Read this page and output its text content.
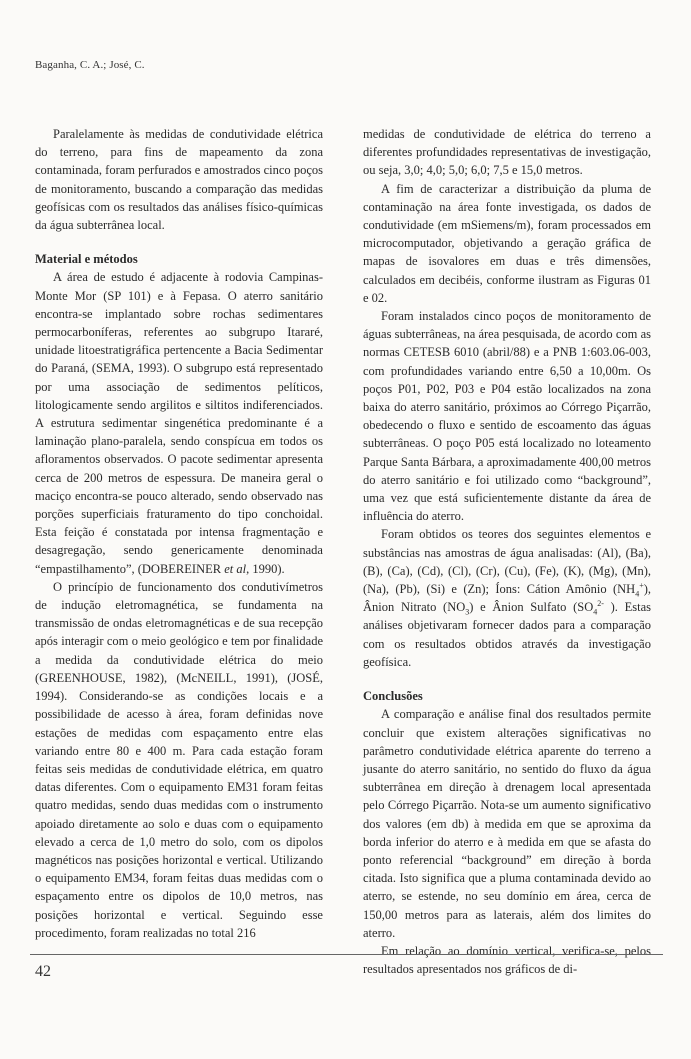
Baganha, C. A.; José, C.

Paralelamente às medidas de condutividade elétrica do terreno, para fins de mapeamento da zona contaminada, foram perfurados e amostrados cinco poços de monitoramento, buscando a comparação das medidas geofísicas com os resultados das análises físico-químicas da água subterrânea local.

Material e métodos

A área de estudo é adjacente à rodovia Campinas-Monte Mor (SP 101) e à Fepasa. O aterro sanitário encontra-se implantado sobre rochas sedimentares permocarboníferas, referentes ao subgrupo Itararé, unidade litoestratigráfica pertencente a Bacia Sedimentar do Paraná, (SEMA, 1993). O subgrupo está representado por uma associação de sedimentos pelíticos, litologicamente sendo argilitos e siltitos indiferenciados. A estrutura sedimentar singenética predominante é a laminação plano-paralela, sendo conspícua em todos os afloramentos observados. O pacote sedimentar apresenta cerca de 200 metros de espessura. De maneira geral o maciço encontra-se pouco alterado, sendo observado nas porções superficiais fraturamento do tipo conchoidal. Esta feição é constatada por intensa fragmentação e desagregação, sendo genericamente denominada “empastilhamento”, (DOBEREINER et al, 1990).

O princípio de funcionamento dos condutivímetros de indução eletromagnética, se fundamenta na transmissão de ondas eletromagnéticas e de sua recepção após interagir com o meio geológico e tem por finalidade a medida da condutividade elétrica do meio (GREENHOUSE, 1982), (McNEILL, 1991), (JOSÉ, 1994). Considerando-se as condições locais e a possibilidade de acesso à área, foram definidas nove estações de medidas com espaçamento entre elas variando entre 80 e 400 m. Para cada estação foram feitas seis medidas de condutividade elétrica, em quatro datas diferentes. Com o equipamento EM31 foram feitas quatro medidas, sendo duas medidas com o instrumento apoiado diretamente ao solo e duas com o equipamento elevado a cerca de 1,0 metro do solo, com os dipolos magnéticos nas posições horizontal e vertical. Utilizando o equipamento EM34, foram feitas duas medidas com o espaçamento entre os dipolos de 10,0 metros, nas posições horizontal e vertical. Seguindo esse procedimento, foram realizadas no total 216

medidas de condutividade de elétrica do terreno a diferentes profundidades representativas de investigação, ou seja, 3,0; 4,0; 5,0; 6,0; 7,5 e 15,0 metros.

A fim de caracterizar a distribuição da pluma de contaminação na área fonte investigada, os dados de condutividade (em mSiemens/m), foram processados em microcomputador, objetivando a geração gráfica de mapas de isovalores em duas e três dimensões, calculados em decibéis, conforme ilustram as Figuras 01 e 02.

Foram instalados cinco poços de monitoramento de águas subterrâneas, na área pesquisada, de acordo com as normas CETESB 6010 (abril/88) e a PNB 1:603.06-003, com profundidades variando entre 6,50 a 10,00m. Os poços P01, P02, P03 e P04 estão localizados na zona baixa do aterro sanitário, próximos ao Córrego Piçarrão, obedecendo o fluxo e sentido de escoamento das águas subterrâneas. O poço P05 está localizado no loteamento Parque Santa Bárbara, a aproximadamente 400,00 metros do aterro sanitário e foi utilizado como “background”, uma vez que está suficientemente distante da área de influência do aterro.

Foram obtidos os teores dos seguintes elementos e substâncias nas amostras de água analisadas: (Al), (Ba), (B), (Ca), (Cd), (Cl), (Cr), (Cu), (Fe), (K), (Mg), (Mn), (Na), (Pb), (Si) e (Zn); Íons: Cátion Amônio $(NH_4^+)$, Ânion Nitrato $(NO_3)$ e Ânion Sulfato ($SO_4^{2-}$ ). Estas análises objetivaram fornecer dados para a comparação com os resultados obtidos através da investigação geofísica.

Conclusões

A comparação e análise final dos resultados permite concluir que existem alterações significativas no parâmetro condutividade elétrica aparente do terreno a jusante do aterro sanitário, no sentido do fluxo da água subterrânea em direção à drenagem local apresentada pelo Córrego Piçarrão. Nota-se um aumento significativo dos valores (em db) à medida em que se aproxima da borda inferior do aterro e à medida em que se afasta do ponto referencial “background” em direção à borda citada. Isto significa que a pluma contaminada devido ao aterro, se estende, no seu domínio em área, cerca de 150,00 metros para as laterais, além dos limites do aterro.

Em relação ao domínio vertical, verifica-se, pelos resultados apresentados nos gráficos de di-

42
